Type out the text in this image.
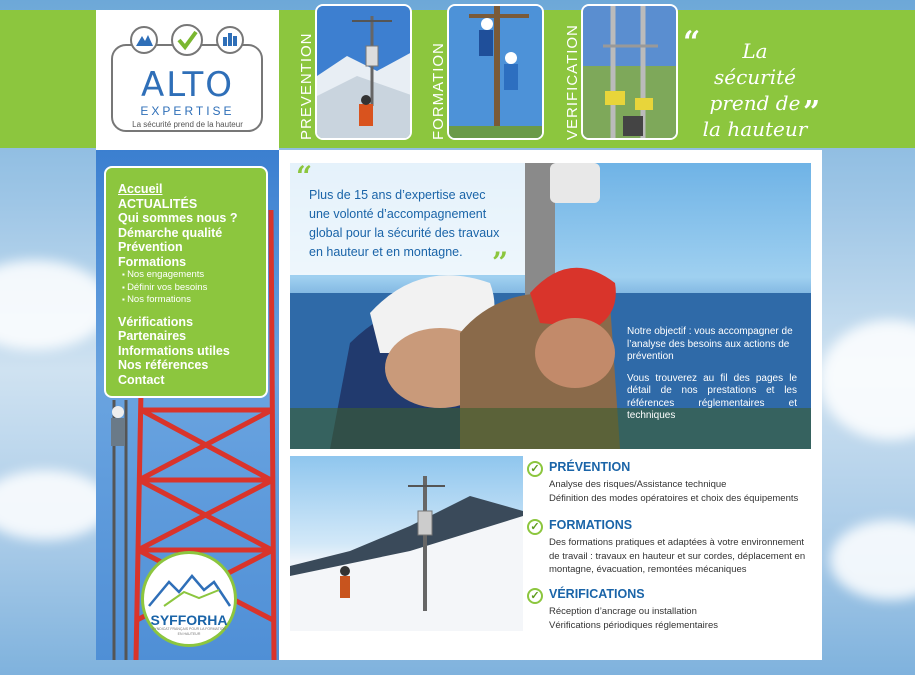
ALTO
EXPERTISE
La sécurité prend de la hauteur	PREVENTION	FORMATION	VERIFICATION	“	La sécurité prend de la hauteur
”
Accueil
ACTUALITÉS
Qui sommes nous ?
Démarche qualité
Prévention
Formations
▪ Nos engagements
▪ Définir vos besoins
▪ Nos formations
Vérifications
Partenaires
Informations utiles
Nos références
Contact
“
Plus de 15 ans d’expertise avec une volonté d’accompagnement global pour la sécurité des travaux en hauteur et en montagne.	”

Notre objectif : vous accompagner de l’analyse des besoins aux actions de prévention

Vous trouverez au fil des pages le détail de nos prestations et les références réglementaires et techniques

✓ PRÉVENTION

Analyse des risques/Assistance technique

Définition des modes opératoires et choix des équipements

✓ FORMATIONS

Des formations pratiques et adaptées à votre environnement de travail : travaux en hauteur et sur cordes, déplacement en montagne, évacuation, remontées mécaniques

✓ VÉRIFICATIONS

Réception d’ancrage ou installation

Vérifications périodiques réglementaires

SYFFORHA
SYNDICAT FRANÇAIS POUR LA FORMATION EN HAUTEUR
